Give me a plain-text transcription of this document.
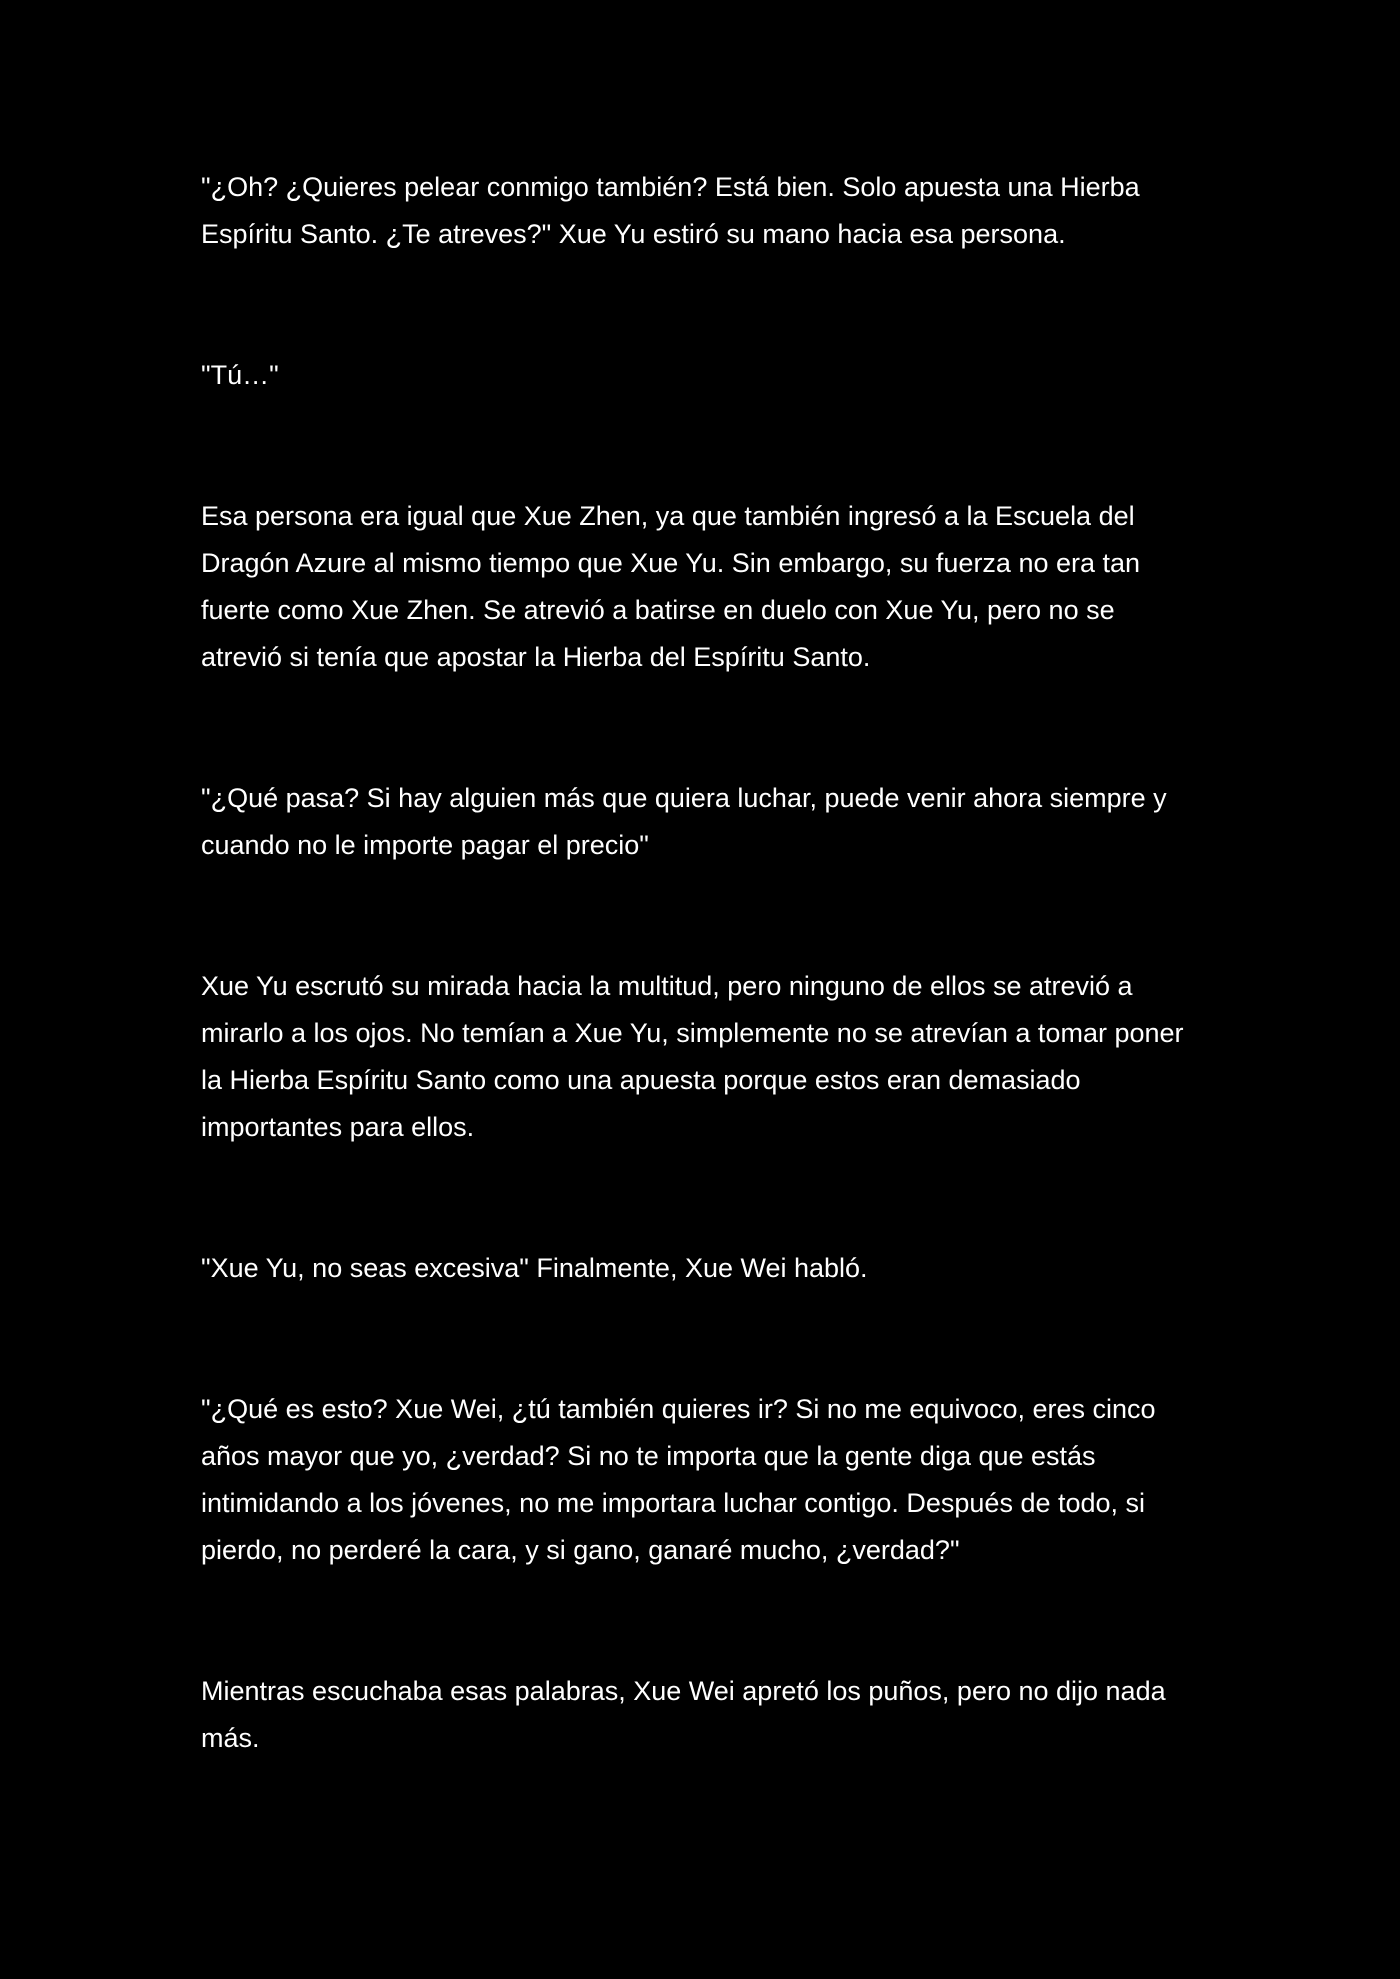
"¿Oh? ¿Quieres pelear conmigo también? Está bien. Solo apuesta una Hierba Espíritu Santo. ¿Te atreves?" Xue Yu estiró su mano hacia esa persona.

"Tú…"

Esa persona era igual que Xue Zhen, ya que también ingresó a la Escuela del Dragón Azure al mismo tiempo que Xue Yu. Sin embargo, su fuerza no era tan fuerte como Xue Zhen. Se atrevió a batirse en duelo con Xue Yu, pero no se atrevió si tenía que apostar la Hierba del Espíritu Santo.

"¿Qué pasa? Si hay alguien más que quiera luchar, puede venir ahora siempre y cuando no le importe pagar el precio"

Xue Yu escrutó su mirada hacia la multitud, pero ninguno de ellos se atrevió a mirarlo a los ojos. No temían a Xue Yu, simplemente no se atrevían a tomar poner la Hierba Espíritu Santo como una apuesta porque estos eran demasiado importantes para ellos.

"Xue Yu, no seas excesiva" Finalmente, Xue Wei habló.

"¿Qué es esto? Xue Wei, ¿tú también quieres ir? Si no me equivoco, eres cinco años mayor que yo, ¿verdad? Si no te importa que la gente diga que estás intimidando a los jóvenes, no me importara luchar contigo. Después de todo, si pierdo, no perderé la cara, y si gano, ganaré mucho, ¿verdad?"

Mientras escuchaba esas palabras, Xue Wei apretó los puños, pero no dijo nada más.
